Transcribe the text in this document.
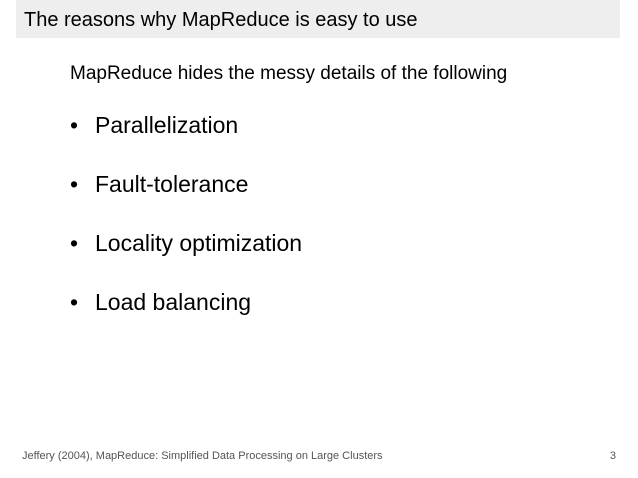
The reasons why MapReduce is easy to use
MapReduce hides the messy details of the following
• Parallelization
• Fault-tolerance
• Locality optimization
• Load balancing
Jeffery (2004), MapReduce: Simplified Data Processing on Large Clusters	3
